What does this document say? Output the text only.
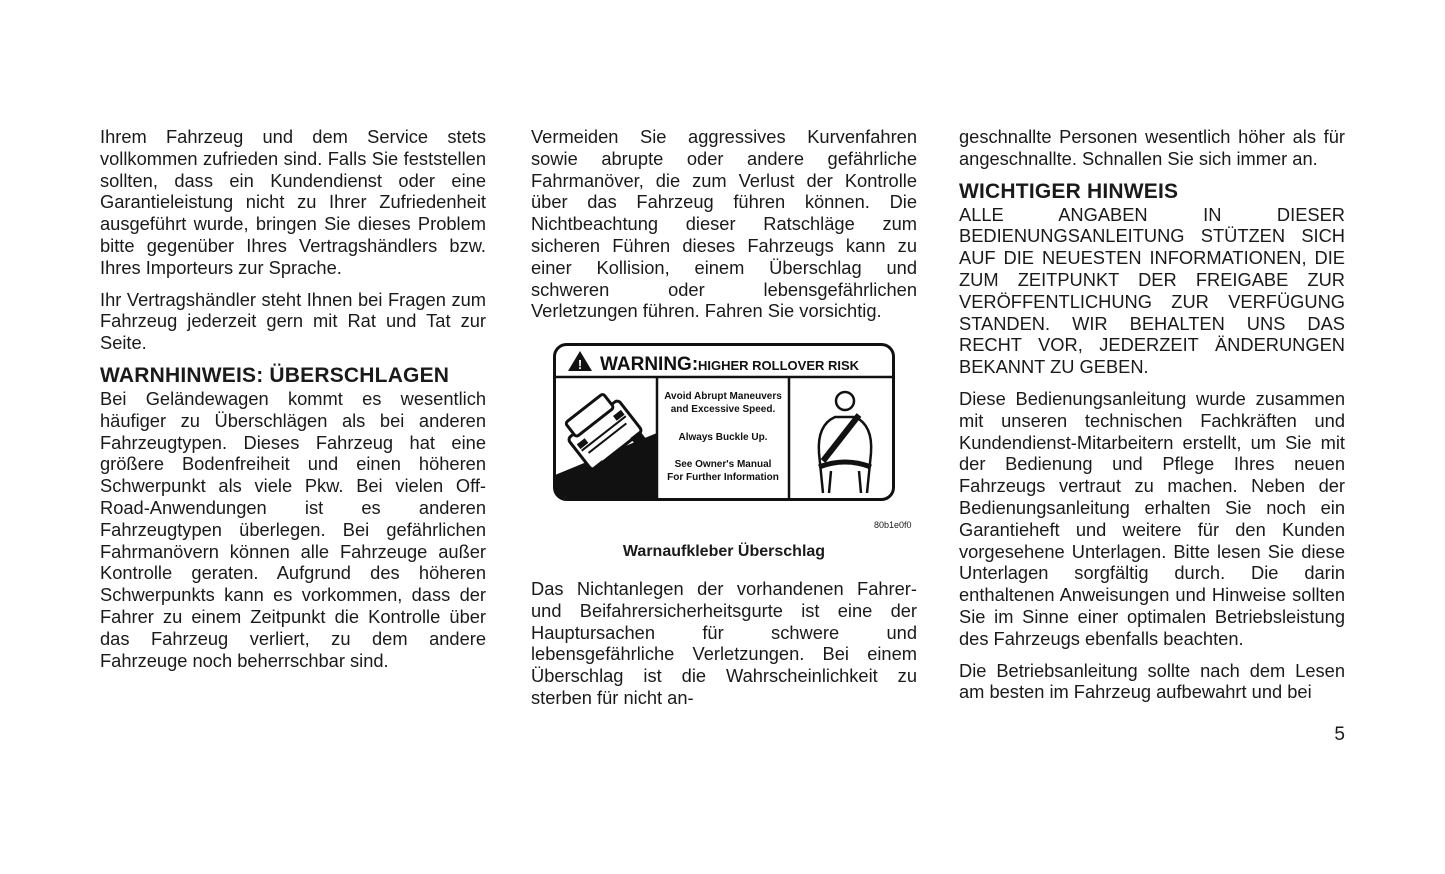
Ihrem Fahrzeug und dem Service stets vollkommen zufrieden sind. Falls Sie feststellen sollten, dass ein Kundendienst oder eine Garantieleistung nicht zu Ihrer Zufriedenheit ausgeführt wurde, bringen Sie dieses Problem bitte gegenüber Ihres Vertragshändlers bzw. Ihres Importeurs zur Sprache.

Ihr Vertragshändler steht Ihnen bei Fragen zum Fahrzeug jederzeit gern mit Rat und Tat zur Seite.

WARNHINWEIS: ÜBERSCHLAGEN

Bei Geländewagen kommt es wesentlich häufiger zu Überschlägen als bei anderen Fahrzeugtypen. Dieses Fahrzeug hat eine größere Bodenfreiheit und einen höheren Schwerpunkt als viele Pkw. Bei vielen Off-Road-Anwendungen ist es anderen Fahrzeugtypen überlegen. Bei gefährlichen Fahrmanövern können alle Fahrzeuge außer Kontrolle geraten. Aufgrund des höheren Schwerpunkts kann es vorkommen, dass der Fahrer zu einem Zeitpunkt die Kontrolle über das Fahrzeug verliert, zu dem andere Fahrzeuge noch beherrschbar sind.

Vermeiden Sie aggressives Kurvenfahren sowie abrupte oder andere gefährliche Fahrmanöver, die zum Verlust der Kontrolle über das Fahrzeug führen können. Die Nichtbeachtung dieser Ratschläge zum sicheren Führen dieses Fahrzeugs kann zu einer Kollision, einem Überschlag und schweren oder lebensgefährlichen Verletzungen führen. Fahren Sie vorsichtig.

! WARNING: HIGHER ROLLOVER RISK
Avoid Abrupt Maneuvers
and Excessive Speed.
Always Buckle Up.
See Owner's Manual
For Further Information
80b1e0f0
Warnaufkleber Überschlag

Das Nichtanlegen der vorhandenen Fahrer- und Beifahrersicherheitsgurte ist eine der Hauptursachen für schwere und lebensgefährliche Verletzungen. Bei einem Überschlag ist die Wahrscheinlichkeit zu sterben für nicht an-

geschnallte Personen wesentlich höher als für angeschnallte. Schnallen Sie sich immer an.

WICHTIGER HINWEIS

ALLE ANGABEN IN DIESER BEDIENUNGSANLEITUNG STÜTZEN SICH AUF DIE NEUESTEN INFORMATIONEN, DIE ZUM ZEITPUNKT DER FREIGABE ZUR VERÖFFENTLICHUNG ZUR VERFÜGUNG STANDEN. WIR BEHALTEN UNS DAS RECHT VOR, JEDERZEIT ÄNDERUNGEN BEKANNT ZU GEBEN.

Diese Bedienungsanleitung wurde zusammen mit unseren technischen Fachkräften und Kundendienst-Mitarbeitern erstellt, um Sie mit der Bedienung und Pflege Ihres neuen Fahrzeugs vertraut zu machen. Neben der Bedienungsanleitung erhalten Sie noch ein Garantieheft und weitere für den Kunden vorgesehene Unterlagen. Bitte lesen Sie diese Unterlagen sorgfältig durch. Die darin enthaltenen Anweisungen und Hinweise sollten Sie im Sinne einer optimalen Betriebsleistung des Fahrzeugs ebenfalls beachten.

Die Betriebsanleitung sollte nach dem Lesen am besten im Fahrzeug aufbewahrt und bei

5
